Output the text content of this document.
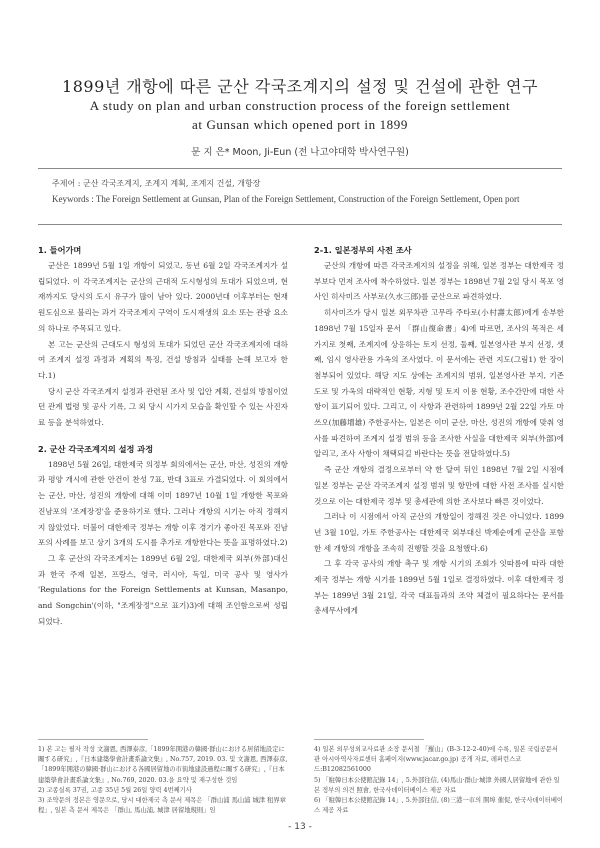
1899년 개항에 따른 군산 각국조계지의 설정 및 건설에 관한 연구
A study on plan and urban construction process of the foreign settlement
at Gunsan which opened port in 1899
문 지 은* Moon, Ji-Eun (전 나고야대학 박사연구원)
주제어 : 군산 각국조계지, 조계지 계획, 조계지 건설, 개항장
Keywords : The Foreign Settlement at Gunsan, Plan of the Foreign Settlement, Construction of the Foreign Settlement, Open port
1. 들어가며

군산은 1899년 5월 1일 개항이 되었고, 동년 6월 2일 각국조계지가 설립되었다. 이 각국조계지는 군산의 근대적 도시형성의 토대가 되었으며, 현재까지도 당시의 도시 유구가 많이 남아 있다. 2000년대 이후부터는 현재 원도심으로 불리는 과거 각국조계지 구역이 도시재생의 요소 또는 관광 요소의 하나로 주목되고 있다.

본 고는 군산의 근대도시 형성의 토대가 되었던 군산 각국조계지에 대하여 조계지 설정 과정과 계획의 특징, 건설 방침과 실태를 논해 보고자 한다.1)

당시 군산 각국조계지 설정과 관련된 조사 및 입안 계획, 건설의 방침이었던 관계 법령 및 공사 기록, 그 외 당시 시가지 모습을 확인할 수 있는 사진자료 등을 분석하였다.

2. 군산 각국조계지의 설정 과정

1898년 5월 26일, 대한제국 의정부 회의에서는 군산, 마산, 성진의 개항과 평양 개시에 관한 안건이 찬성 7표, 반대 3표로 가결되었다. 이 회의에서는 군산, 마산, 성진의 개항에 대해 이미 1897년 10월 1일 개항한 목포와 진남포의 '조계장정'을 준용하기로 했다. 그러나 개항의 시기는 아직 정해지지 않았었다. 더불어 대한제국 정부는 개항 이후 경기가 좋아진 목포와 진남포의 사례를 보고 상기 3개의 도시를 추가로 개항한다는 뜻을 표명하였다.2)

그 후 군산의 각국조계지는 1899년 6월 2일, 대한제국 외부(外部)대신과 한국 주재 일본, 프랑스, 영국, 러시아, 독일, 미국 공사 및 영사가 'Regulations for the Foreign Settlements at Kunsan, Masanpo, and Songchin'(이하, "조계장정"으로 표기)3)에 대해 조인함으로써 성립되었다.

2-1. 일본정부의 사전 조사

군산의 개항에 따른 각국조계지의 설정을 위해, 일본 정부는 대한제국 정부보다 먼저 조사에 착수하였다. 일본 정부는 1898년 7월 2일 당시 목포 영사인 히사미즈 사부로(久水三郎)를 군산으로 파견하였다.

히사미즈가 당시 일본 외무차관 고무라 주타로(小村壽太郎)에게 송부한 1898년 7월 15일자 문서 「群山復命書」4)에 따르면, 조사의 목적은 세 가지로 첫째, 조계지에 상응하는 토지 선정, 둘째, 일본영사관 부지 선정, 셋째, 임시 영사관용 가옥의 조사였다. 이 문서에는 관련 지도(그림1) 한 장이 첨부되어 있었다. 해당 지도 상에는 조계지의 범위, 일본영사관 부지, 기존 도로 및 가옥의 대략적인 현황, 지형 및 토지 이용 현황, 조수간만에 대한 사항이 표기되어 있다. 그리고, 이 사항과 관련하여 1899년 2월 22일 가토 마쓰오(加藤增雄) 주한공사는, 일본은 이미 군산, 마산, 성진의 개항에 맞춰 영사를 파견하여 조계지 설정 범위 등을 조사한 사실을 대한제국 외부(外部)에 알리고, 조사 사항이 채택되길 바란다는 뜻을 전달하였다.5)

즉 군산 개항의 결정으로부터 약 한 달여 뒤인 1898년 7월 2일 시점에 일본 정부는 군산 각국조계지 설정 범위 및 항만에 대한 사전 조사를 실시한 것으로 이는 대한제국 정부 및 총세관에 의한 조사보다 빠른 것이었다.

그러나 이 시점에서 아직 군산의 개항일이 정해진 것은 아니었다. 1899년 3월 10일, 가토 주한공사는 대한제국 외부대신 박제순에게 군산을 포함한 세 개항의 개항을 조속히 진행할 것을 요청했다.6)

그 후 각국 공사의 개항 촉구 및 개항 시기의 조회가 잇따름에 따라 대한제국 정부는 개항 시기를 1899년 5월 1일로 결정하였다. 이후 대한제국 정부는 1899년 3월 21일, 각국 대표들과의 조약 체결이 필요하다는 문서를 총세무사에게

1) 본 고는 필자 작성 文謝恩, 西澤泰彦,「1899年開港の韓國·群山における居留地設定に關する研究」,『日本建築學會計畫系論文集』, No.757, 2019. 03. 및 文謝恩, 西澤泰彦,「1899年開港の韓國·群山における各國居留地の市街地建設過程に關する研究」,『日本建築學會計畫系論文集』, No.769, 2020. 03.을 요약 및 재구성한 것임
2) 고종실록 37권, 고종 35년 5월 26일 양력 4번째기사
3) 조약문의 정본은 영문으로, 당시 대한제국 측 문서 제목은 「群山浦 馬山浦 城津 租界章程」, 일본 측 문서 제목은 「群山, 馬山浦, 城津 居留地規則」임
4) 일본 외무성외교사료관 소장 문서철 「羅山」(B-3-12-2-40)에 수록, 일본 국립공문서관 아시아역사자료센터 홈페이지(www.jacar.go.jp) 공개 자료, 레퍼런스코드:B12082561000
5) 「駐韓日本公使館記錄 14」, 5.外部往信, (4)馬山·群山·城津 外國人居留地에 관한 일본 정부의 의견 照會, 한국사데이터베이스 제공 자료
6) 「駐韓日本公使館記錄 14」, 5.外部往信, (8)三港一市의 開埠 催促, 한국사데이터베이스 제공 자료
- 13 -
